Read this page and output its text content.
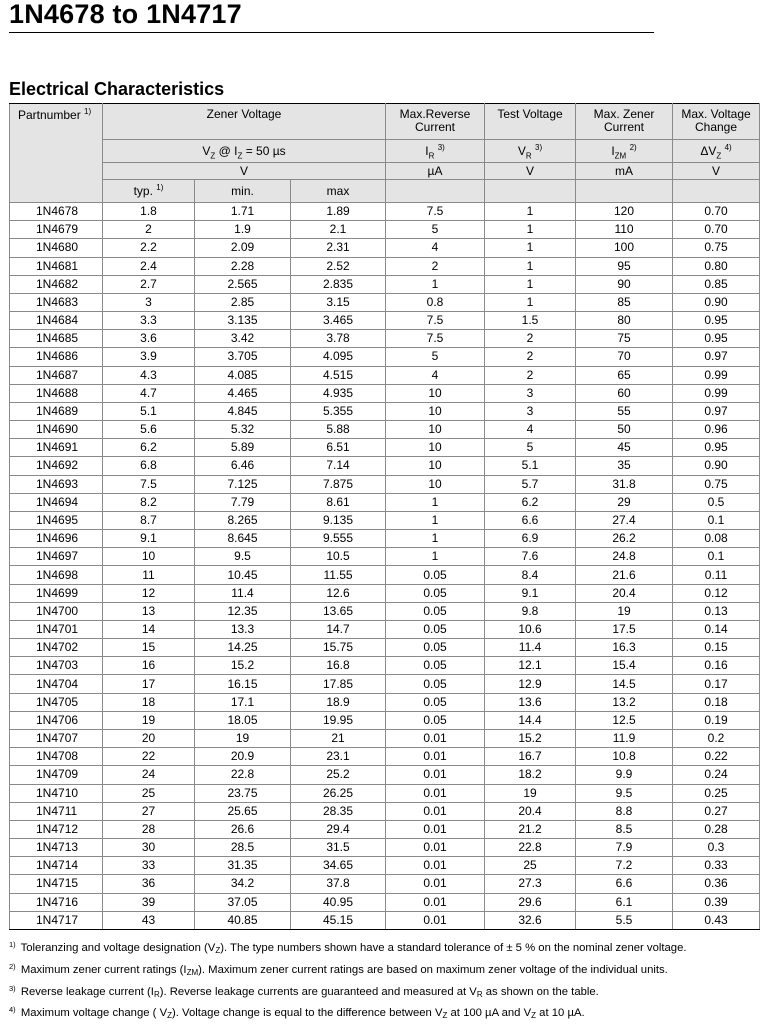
1N4678 to 1N4717
Electrical Characteristics
Partnumber $^{1)}$	Zener Voltage			Max.Reverse Current	Test Voltage	Max. Zener Current	Max. Voltage Change
	$V_Z$ @ $I_Z = 50$ µs			$I_R$ $^{3)}$	$V_R$ $^{3)}$	$I_{ZM}$ $^{2)}$	$\Delta V_Z$ $^{4)}$
	V			µA	V	mA	V
	typ. $^{1)}$	min.	max				
1N4678	1.8	1.71	1.89	7.5	1	120	0.70
1N4679	2	1.9	2.1	5	1	110	0.70
1N4680	2.2	2.09	2.31	4	1	100	0.75
1N4681	2.4	2.28	2.52	2	1	95	0.80
1N4682	2.7	2.565	2.835	1	1	90	0.85
1N4683	3	2.85	3.15	0.8	1	85	0.90
1N4684	3.3	3.135	3.465	7.5	1.5	80	0.95
1N4685	3.6	3.42	3.78	7.5	2	75	0.95
1N4686	3.9	3.705	4.095	5	2	70	0.97
1N4687	4.3	4.085	4.515	4	2	65	0.99
1N4688	4.7	4.465	4.935	10	3	60	0.99
1N4689	5.1	4.845	5.355	10	3	55	0.97
1N4690	5.6	5.32	5.88	10	4	50	0.96
1N4691	6.2	5.89	6.51	10	5	45	0.95
1N4692	6.8	6.46	7.14	10	5.1	35	0.90
1N4693	7.5	7.125	7.875	10	5.7	31.8	0.75
1N4694	8.2	7.79	8.61	1	6.2	29	0.5
1N4695	8.7	8.265	9.135	1	6.6	27.4	0.1
1N4696	9.1	8.645	9.555	1	6.9	26.2	0.08
1N4697	10	9.5	10.5	1	7.6	24.8	0.1
1N4698	11	10.45	11.55	0.05	8.4	21.6	0.11
1N4699	12	11.4	12.6	0.05	9.1	20.4	0.12
1N4700	13	12.35	13.65	0.05	9.8	19	0.13
1N4701	14	13.3	14.7	0.05	10.6	17.5	0.14
1N4702	15	14.25	15.75	0.05	11.4	16.3	0.15
1N4703	16	15.2	16.8	0.05	12.1	15.4	0.16
1N4704	17	16.15	17.85	0.05	12.9	14.5	0.17
1N4705	18	17.1	18.9	0.05	13.6	13.2	0.18
1N4706	19	18.05	19.95	0.05	14.4	12.5	0.19
1N4707	20	19	21	0.01	15.2	11.9	0.2
1N4708	22	20.9	23.1	0.01	16.7	10.8	0.22
1N4709	24	22.8	25.2	0.01	18.2	9.9	0.24
1N4710	25	23.75	26.25	0.01	19	9.5	0.25
1N4711	27	25.65	28.35	0.01	20.4	8.8	0.27
1N4712	28	26.6	29.4	0.01	21.2	8.5	0.28
1N4713	30	28.5	31.5	0.01	22.8	7.9	0.3
1N4714	33	31.35	34.65	0.01	25	7.2	0.33
1N4715	36	34.2	37.8	0.01	27.3	6.6	0.36
1N4716	39	37.05	40.95	0.01	29.6	6.1	0.39
1N4717	43	40.85	45.15	0.01	32.6	5.5	0.43
$^{1)}$ Toleranzing and voltage designation $(V_Z)$. The type numbers shown have a standard tolerance of ± 5 % on the nominal zener voltage.
$^{2)}$ Maximum zener current ratings $(I_{ZM})$. Maximum zener current ratings are based on maximum zener voltage of the individual units.
$^{3)}$ Reverse leakage current $(I_R)$. Reverse leakage currents are guaranteed and measured at $V_R$ as shown on the table.
$^{4)}$ Maximum voltage change ( $V_Z$). Voltage change is equal to the difference between $V_Z$ at 100 µA and $V_Z$ at 10 µA.
